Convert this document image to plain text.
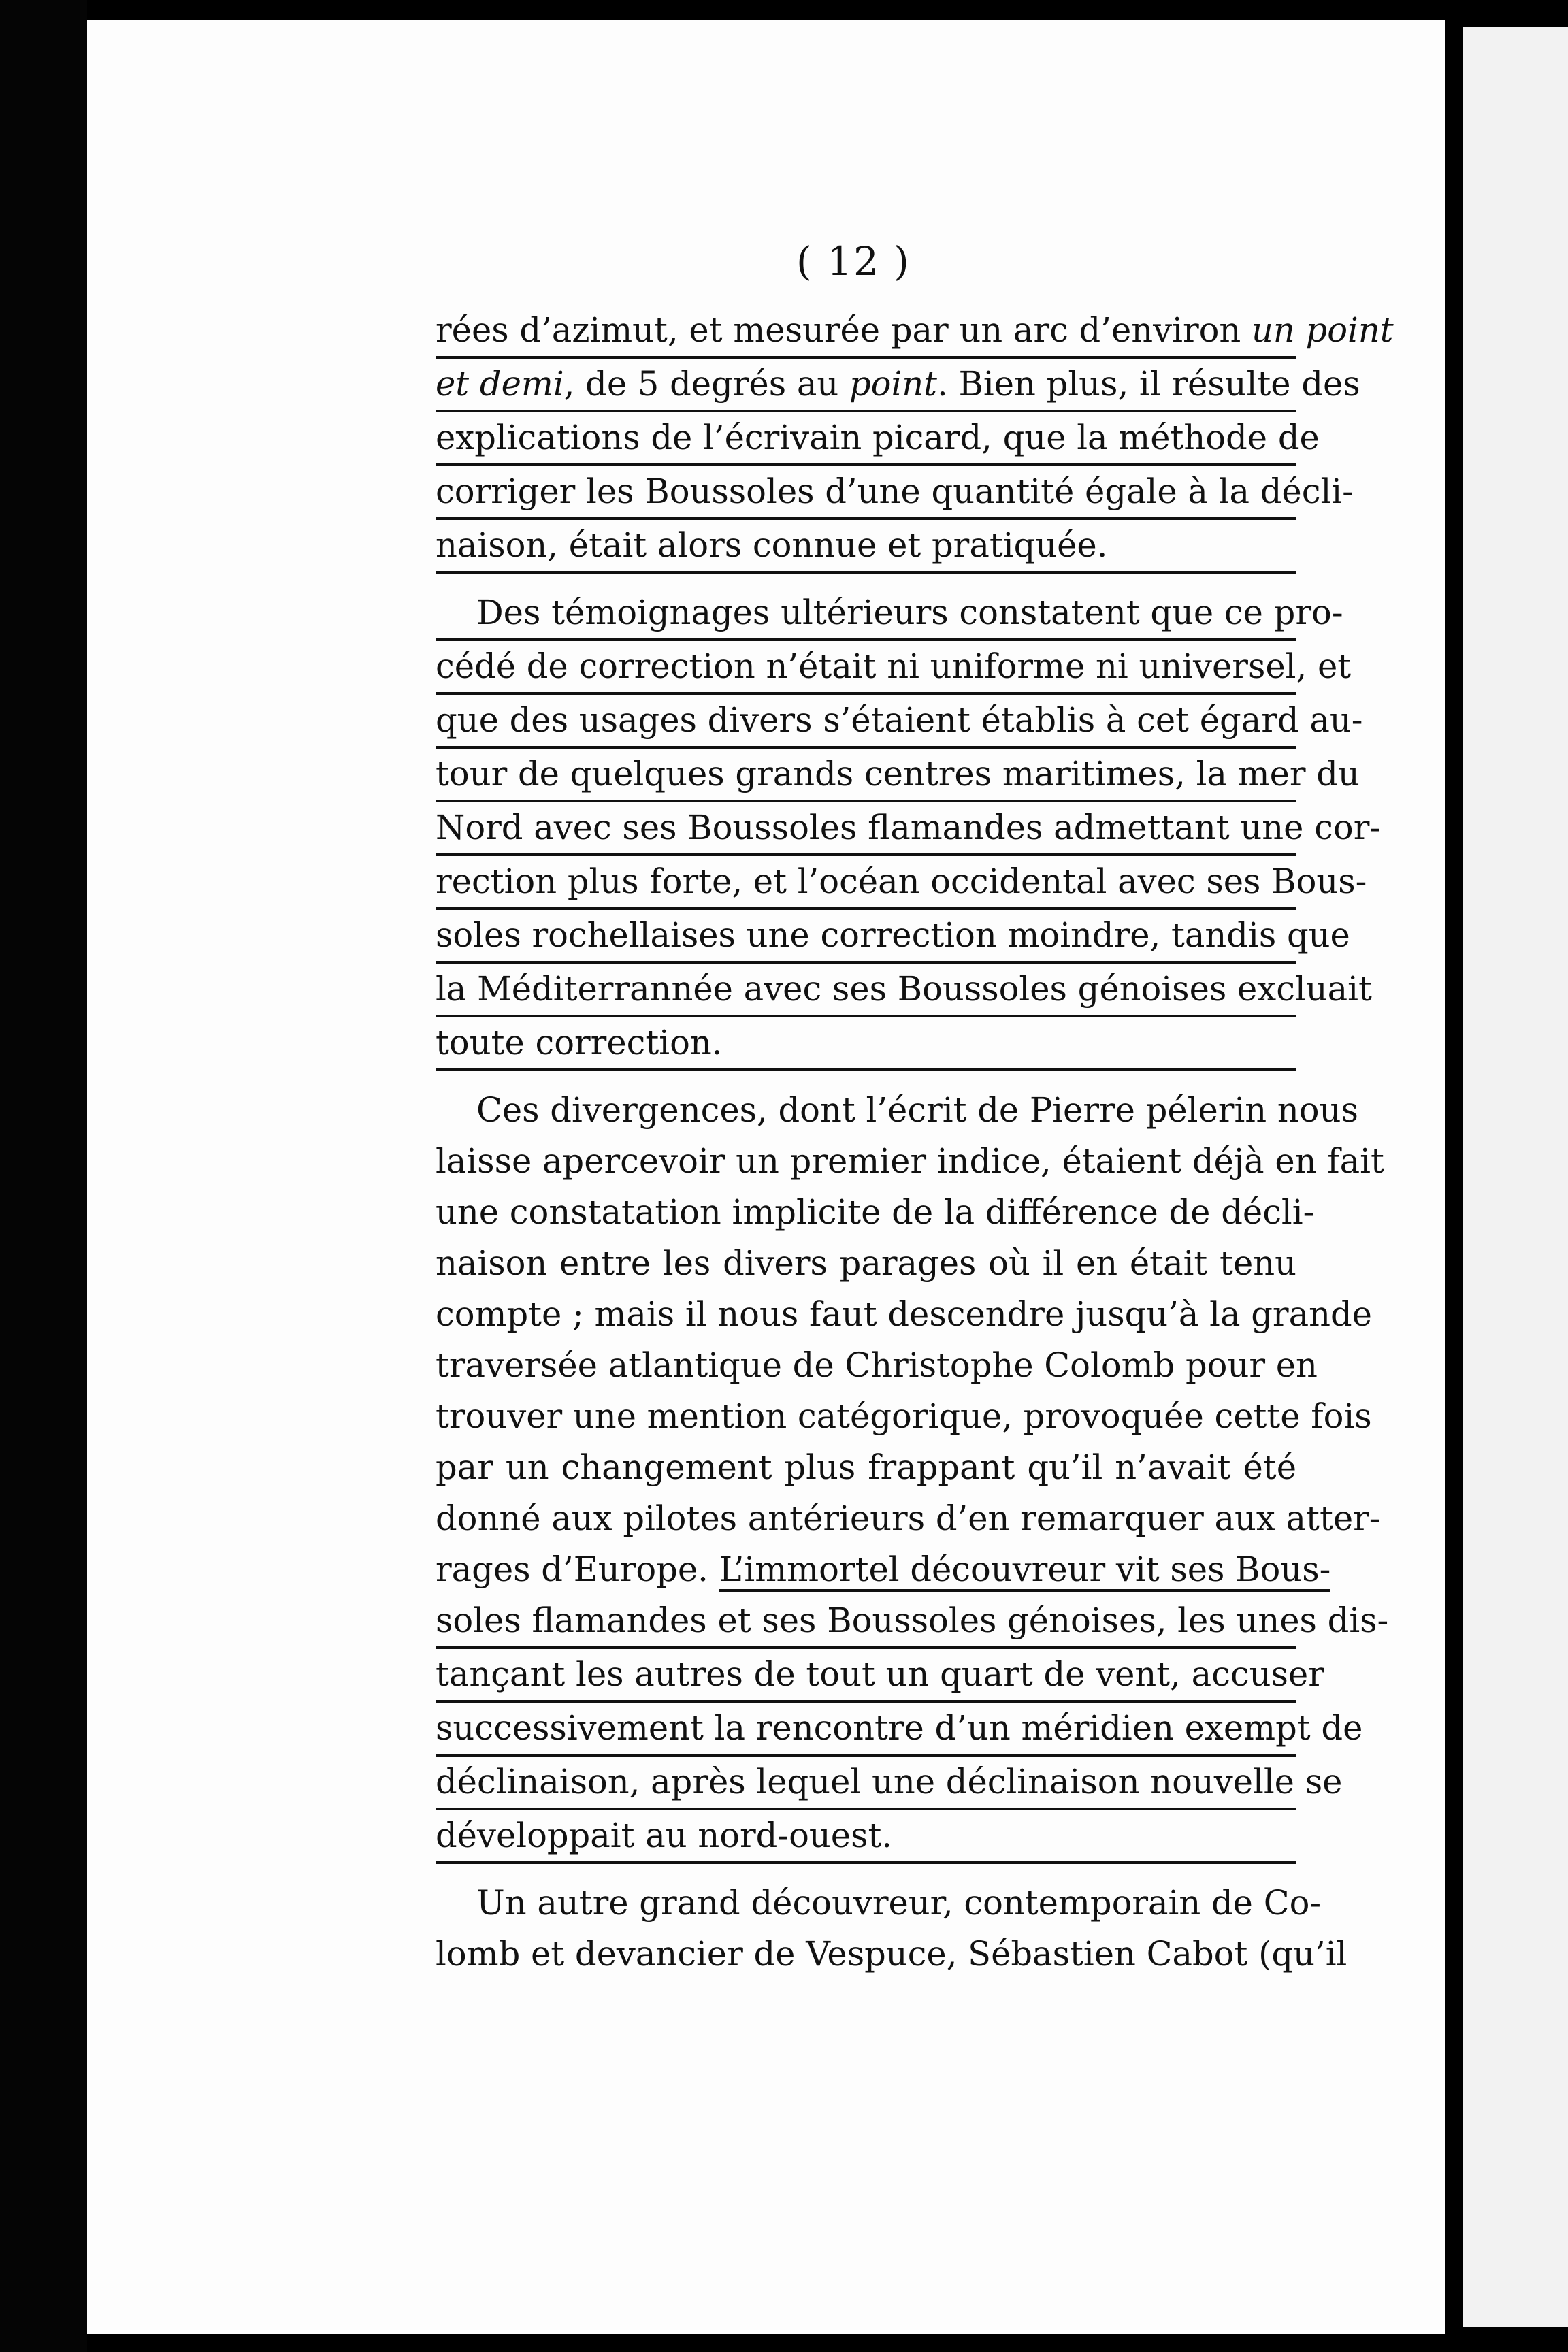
( 12 )
rées d’azimut, et mesurée par un arc d’environ un point
et demi, de 5 degrés au point. Bien plus, il résulte des
explications de l’écrivain picard, que la méthode de
corriger les Boussoles d’une quantité égale à la décli-
naison, était alors connue et pratiquée.
Des témoignages ultérieurs constatent que ce pro-
cédé de correction n’était ni uniforme ni universel, et
que des usages divers s’étaient établis à cet égard au-
tour de quelques grands centres maritimes, la mer du
Nord avec ses Boussoles flamandes admettant une cor-
rection plus forte, et l’océan occidental avec ses Bous-
soles rochellaises une correction moindre, tandis que
la Méditerrannée avec ses Boussoles génoises excluait
toute correction.
Ces divergences, dont l’écrit de Pierre pélerin nous
laisse apercevoir un premier indice, étaient déjà en fait
une constatation implicite de la différence de décli-
naison entre les divers parages où il en était tenu
compte ; mais il nous faut descendre jusqu’à la grande
traversée atlantique de Christophe Colomb pour en
trouver une mention catégorique, provoquée cette fois
par un changement plus frappant qu’il n’avait été
donné aux pilotes antérieurs d’en remarquer aux atter-
rages d’Europe. L’immortel découvreur vit ses Bous-
soles flamandes et ses Boussoles génoises, les unes dis-
tançant les autres de tout un quart de vent, accuser
successivement la rencontre d’un méridien exempt de
déclinaison, après lequel une déclinaison nouvelle se
développait au nord-ouest.
Un autre grand découvreur, contemporain de Co-
lomb et devancier de Vespuce, Sébastien Cabot (qu’il
